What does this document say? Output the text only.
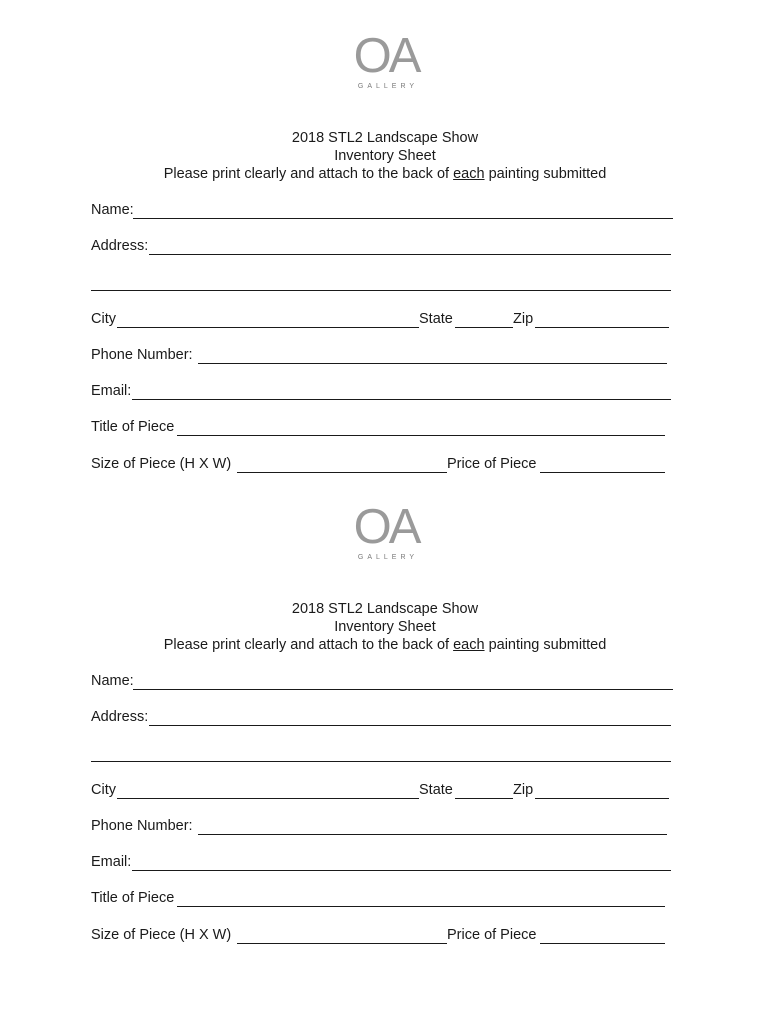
OA
GALLERY
2018 STL2 Landscape Show
Inventory Sheet
Please print clearly and attach to the back of each painting submitted
Name:
Address:
City	State	Zip
Phone Number:
Email:
Title of Piece
Size of Piece (H X W)	Price of Piece
OA
GALLERY
2018 STL2 Landscape Show
Inventory Sheet
Please print clearly and attach to the back of each painting submitted
Name:
Address:
City	State	Zip
Phone Number:
Email:
Title of Piece
Size of Piece (H X W)	Price of Piece
